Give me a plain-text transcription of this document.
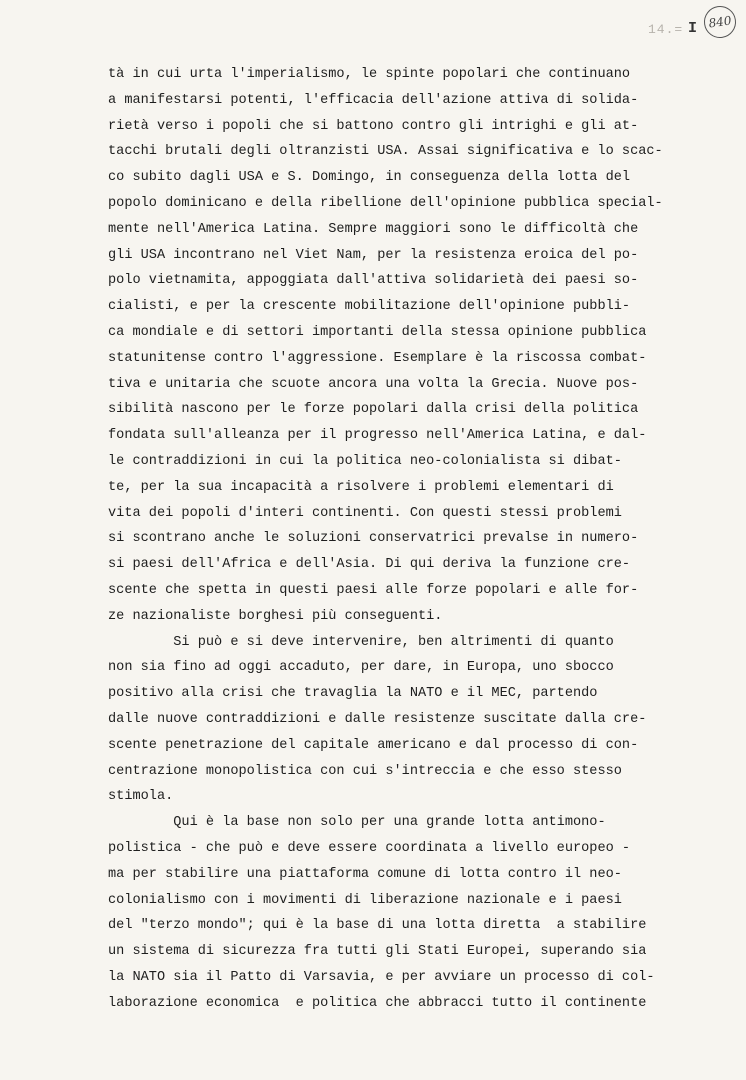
14.= I 840
tà in cui urta l'imperialismo, le spinte popolari che continuano
a manifestarsi potenti, l'efficacia dell'azione attiva di solida-
rietà verso i popoli che si battono contro gli intrighi e gli at-
tacchi brutali degli oltranzisti USA. Assai significativa e lo scac-
co subito dagli USA e S. Domingo, in conseguenza della lotta del
popolo dominicano e della ribellione dell'opinione pubblica special-
mente nell'America Latina. Sempre maggiori sono le difficoltà che
gli USA incontrano nel Viet Nam, per la resistenza eroica del po-
polo vietnamita, appoggiata dall'attiva solidarietà dei paesi so-
cialisti, e per la crescente mobilitazione dell'opinione pubbli-
ca mondiale e di settori importanti della stessa opinione pubblica
statunitense contro l'aggressione. Esemplare è la riscossa combat-
tiva e unitaria che scuote ancora una volta la Grecia. Nuove pos-
sibilità nascono per le forze popolari dalla crisi della politica
fondata sull'alleanza per il progresso nell'America Latina, e dal-
le contraddizioni in cui la politica neo-colonialista si dibat-
te, per la sua incapacità a risolvere i problemi elementari di
vita dei popoli d'interi continenti. Con questi stessi problemi
si scontrano anche le soluzioni conservatrici prevalse in numero-
si paesi dell'Africa e dell'Asia. Di qui deriva la funzione cre-
scente che spetta in questi paesi alle forze popolari e alle for-
ze nazionaliste borghesi più conseguenti.
Si può e si deve intervenire, ben altrimenti di quanto
non sia fino ad oggi accaduto, per dare, in Europa, uno sbocco
positivo alla crisi che travaglia la NATO e il MEC, partendo
dalle nuove contraddizioni e dalle resistenze suscitate dalla cre-
scente penetrazione del capitale americano e dal processo di con-
centrazione monopolistica con cui s'intreccia e che esso stesso
stimola.
Qui è la base non solo per una grande lotta antimono-
polistica - che può e deve essere coordinata a livello europeo -
ma per stabilire una piattaforma comune di lotta contro il neo-
colonialismo con i movimenti di liberazione nazionale e i paesi
del "terzo mondo"; qui è la base di una lotta diretta  a stabilire
un sistema di sicurezza fra tutti gli Stati Europei, superando sia
la NATO sia il Patto di Varsavia, e per avviare un processo di col-
laborazione economica  e politica che abbracci tutto il continente
